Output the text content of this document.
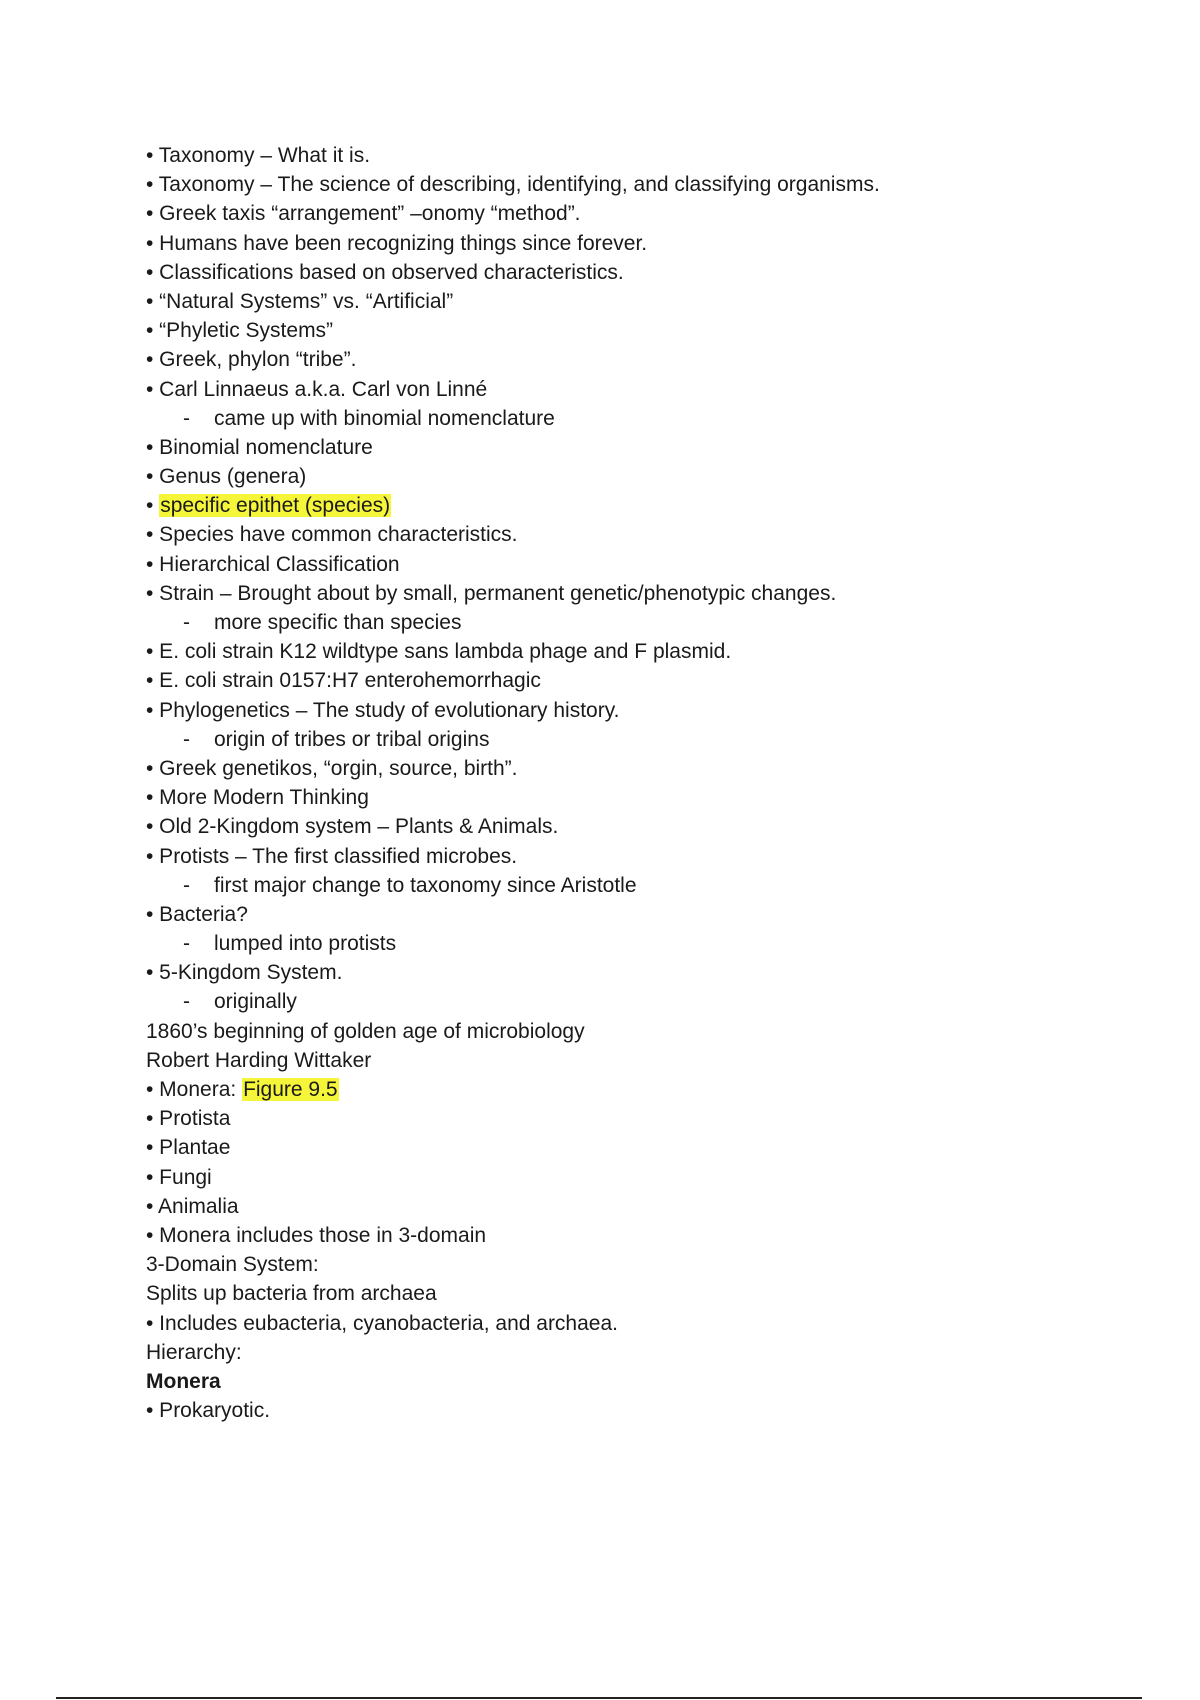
• Taxonomy – What it is.
• Taxonomy – The science of describing, identifying, and classifying organisms.
• Greek taxis “arrangement” –onomy “method”.
• Humans have been recognizing things since forever.
• Classifications based on observed characteristics.
• “Natural Systems” vs. “Artificial”
• “Phyletic Systems”
• Greek, phylon “tribe”.
• Carl Linnaeus a.k.a. Carl von Linné
- came up with binomial nomenclature
• Binomial nomenclature
• Genus (genera)
• specific epithet (species)
• Species have common characteristics.
• Hierarchical Classification
• Strain – Brought about by small, permanent genetic/phenotypic changes.
- more specific than species
• E. coli strain K12 wildtype sans lambda phage and F plasmid.
• E. coli strain 0157:H7 enterohemorrhagic
• Phylogenetics – The study of evolutionary history.
- origin of tribes or tribal origins
• Greek genetikos, “orgin, source, birth”.
• More Modern Thinking
• Old 2-Kingdom system – Plants & Animals.
• Protists – The first classified microbes.
- first major change to taxonomy since Aristotle
• Bacteria?
- lumped into protists
• 5-Kingdom System.
- originally
1860’s beginning of golden age of microbiology
Robert Harding Wittaker
• Monera: Figure 9.5
• Protista
• Plantae
• Fungi
• Animalia
• Monera includes those in 3-domain
3-Domain System:
Splits up bacteria from archaea
• Includes eubacteria, cyanobacteria, and archaea.
Hierarchy:
Monera
• Prokaryotic.
